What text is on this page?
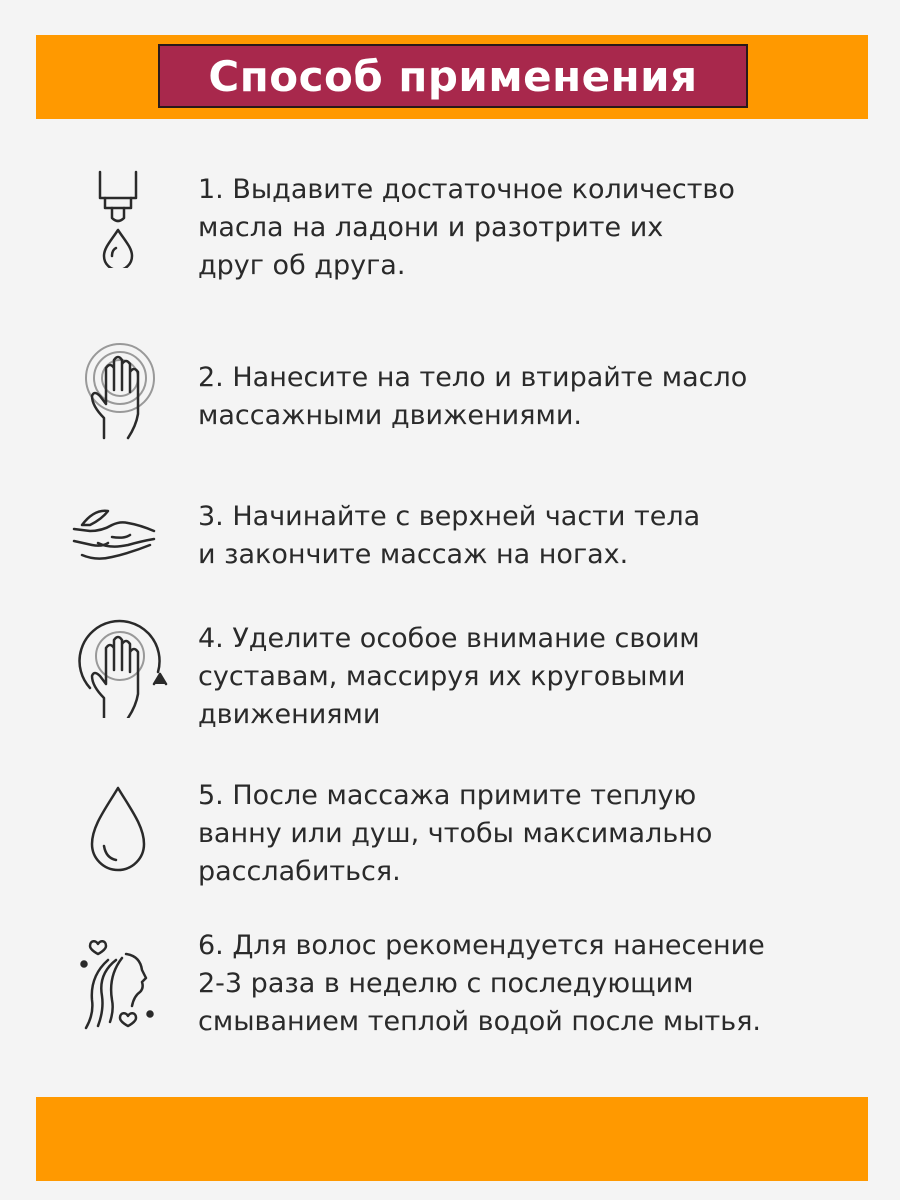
Способ применения

1. Выдавите достаточное количество
масла на ладони и разотрите их
друг об друга.

2. Нанесите на тело и втирайте масло
массажными движениями.

3. Начинайте с верхней части тела
и закончите массаж на ногах.

4. Уделите особое внимание своим
суставам, массируя их круговыми
движениями

5. После массажа примите теплую
ванну или душ, чтобы максимально
расслабиться.

6. Для волос рекомендуется нанесение
2-3 раза в неделю с последующим
смыванием теплой водой после мытья.
